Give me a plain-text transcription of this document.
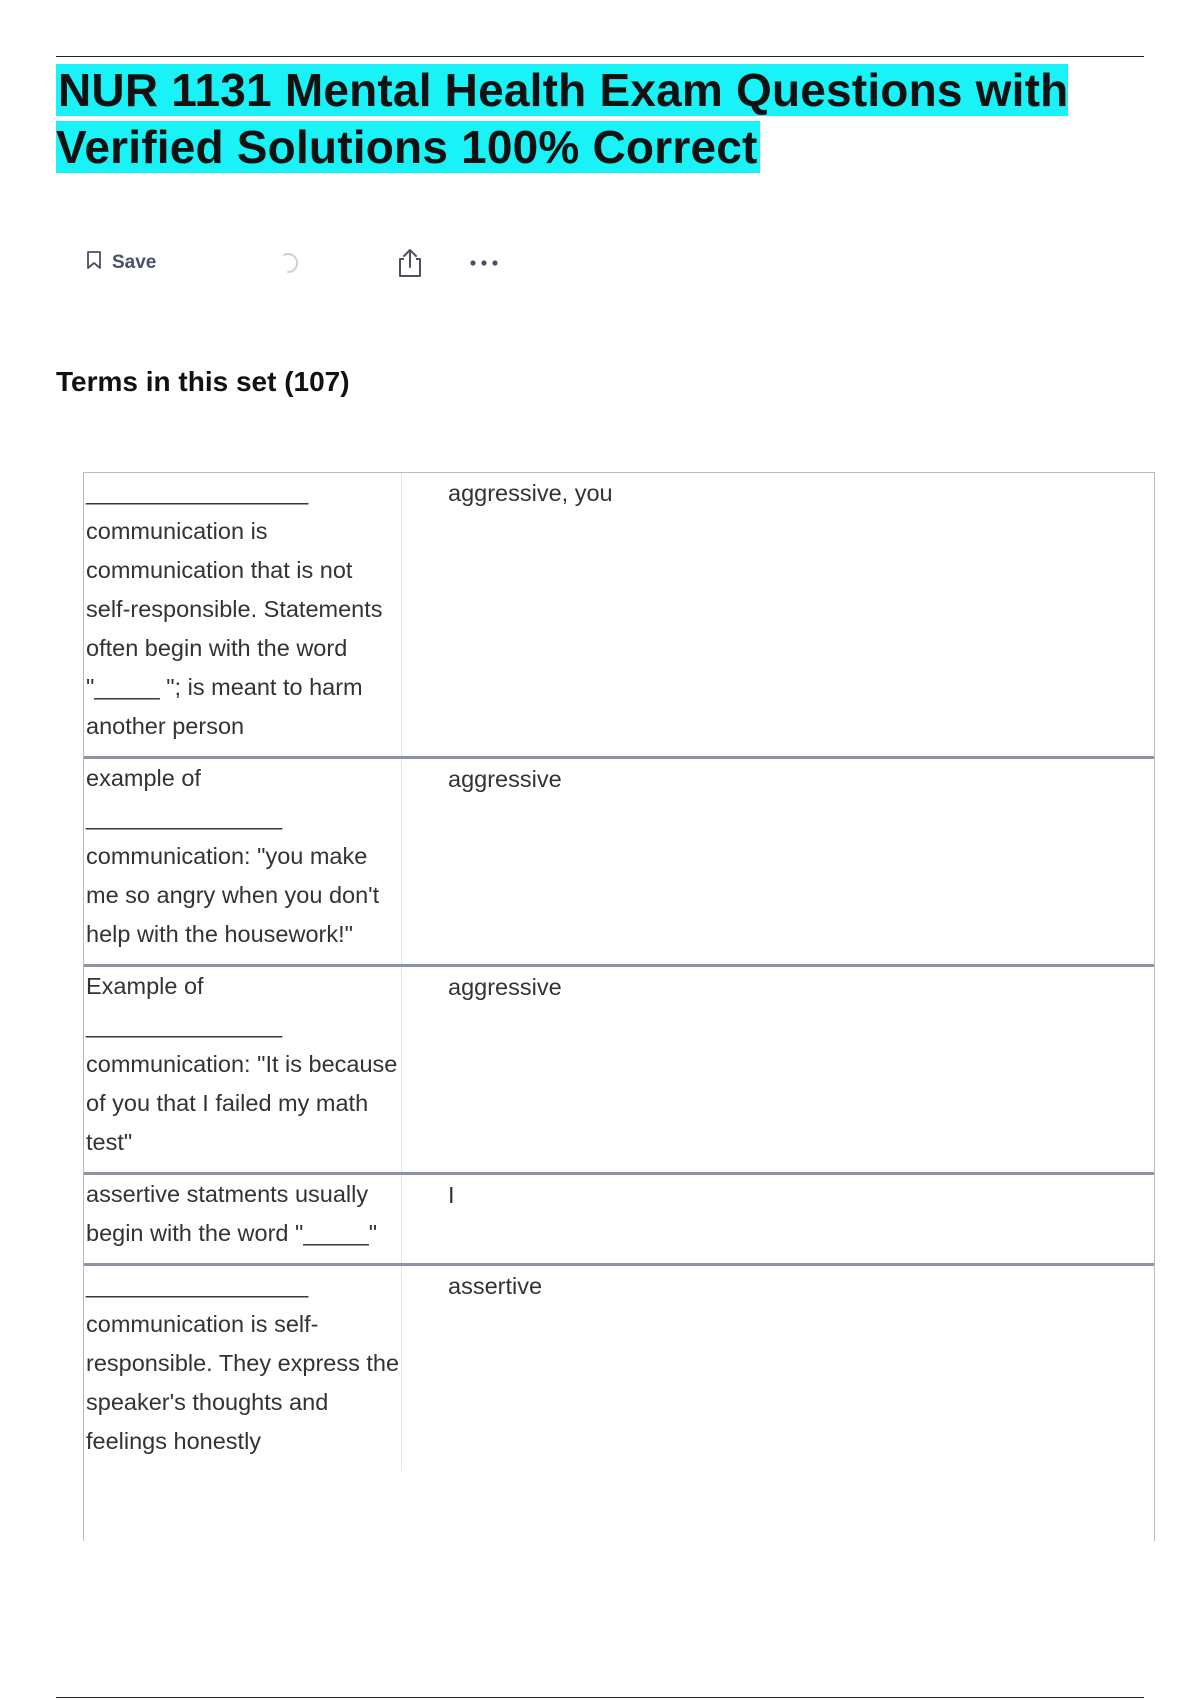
NUR 1131 Mental Health Exam Questions with Verified Solutions 100% Correct
Save
Terms in this set (107)
_________________ communication is communication that is not self-responsible. Statements often begin with the word "_____ "; is meant to harm another person
aggressive, you
example of _______________ communication: "you make me so angry when you don't help with the housework!"
aggressive
Example of _______________ communication: "It is because of you that I failed my math test"
aggressive
assertive statments usually begin with the word "_____"
I
_________________ communication is self-responsible. They express the speaker's thoughts and feelings honestly
assertive
